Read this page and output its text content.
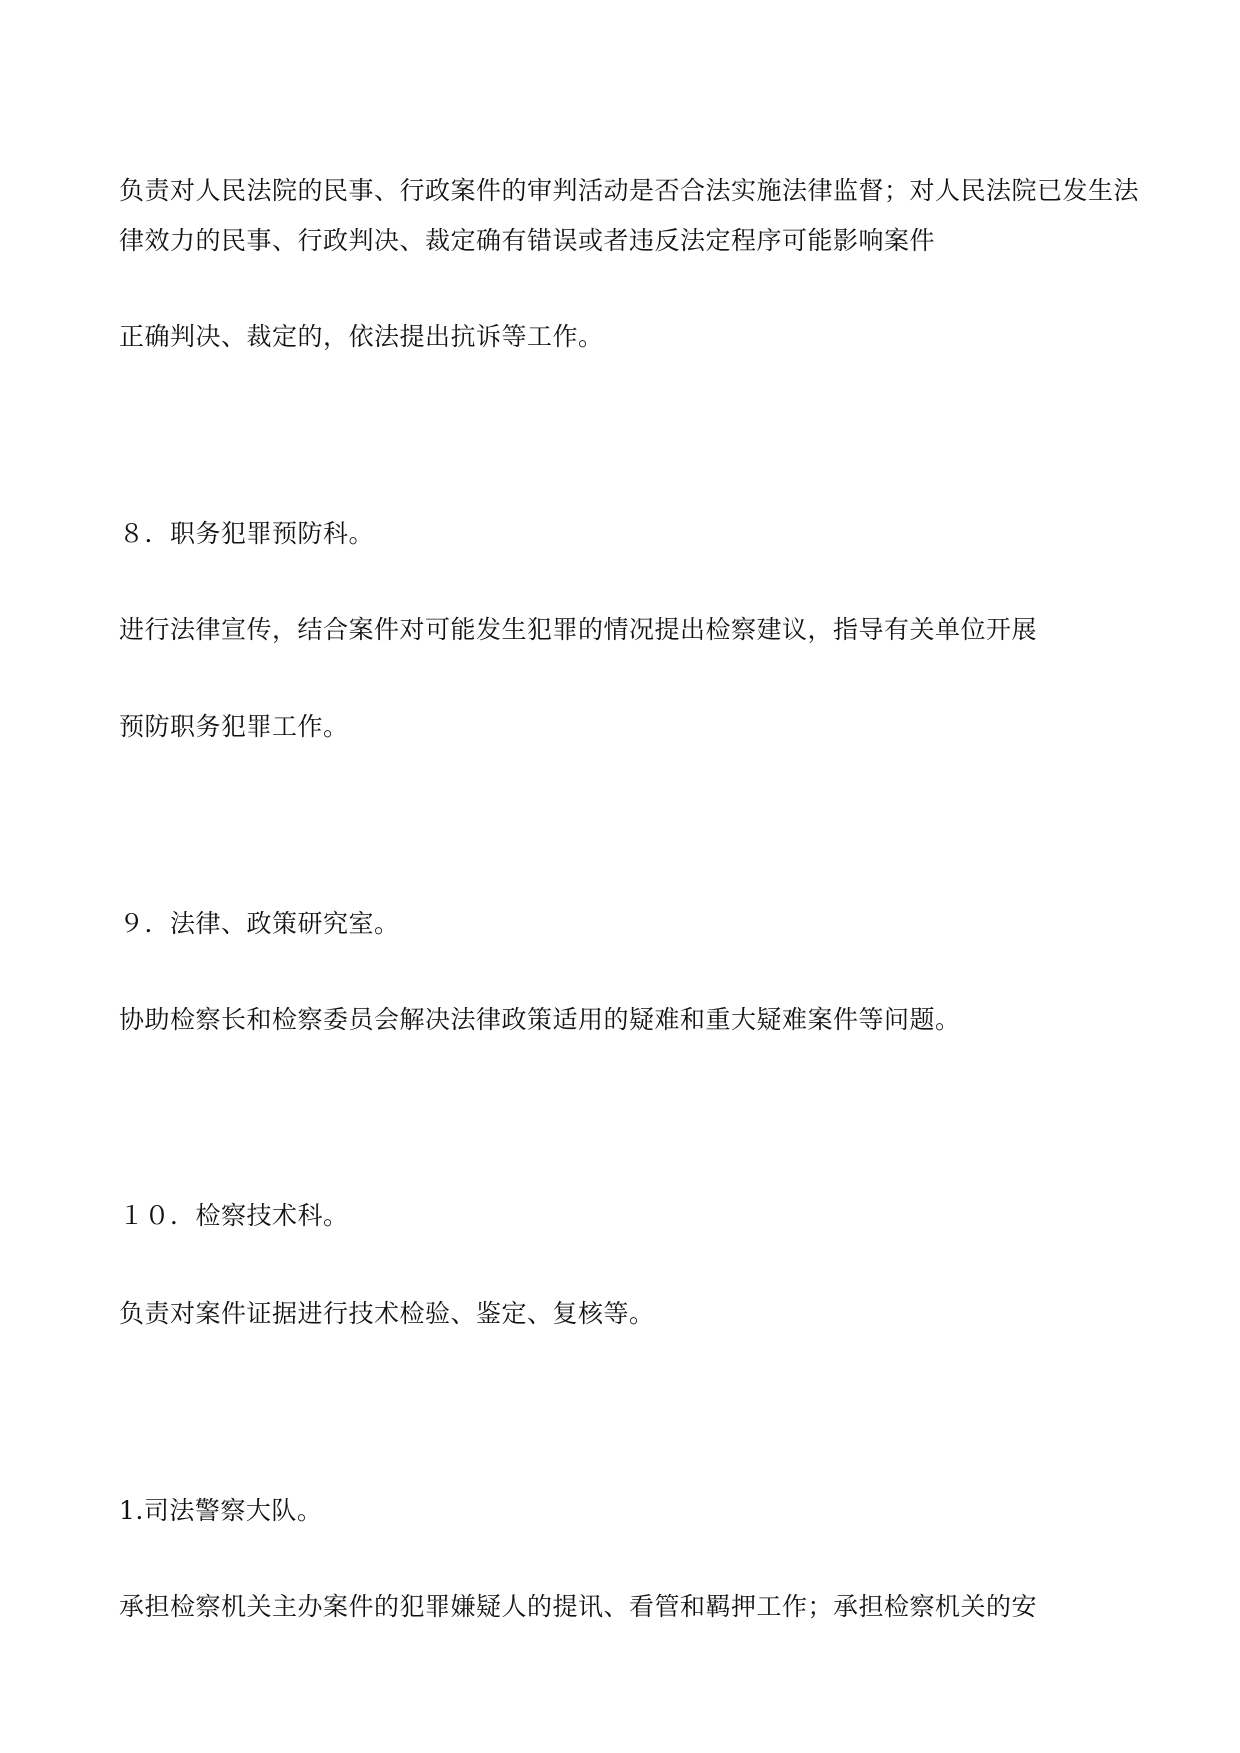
负责对人民法院的民事、行政案件的审判活动是否合法实施法律监督；对人民法院已发生法
律效力的民事、行政判决、裁定确有错误或者违反法定程序可能影响案件
正确判决、裁定的，依法提出抗诉等工作。
８．职务犯罪预防科。
进行法律宣传，结合案件对可能发生犯罪的情况提出检察建议，指导有关单位开展
预防职务犯罪工作。
９．法律、政策研究室。
协助检察长和检察委员会解决法律政策适用的疑难和重大疑难案件等问题。
１０．检察技术科。
负责对案件证据进行技术检验、鉴定、复核等。
1.司法警察大队。
承担检察机关主办案件的犯罪嫌疑人的提讯、看管和羁押工作；承担检察机关的安
